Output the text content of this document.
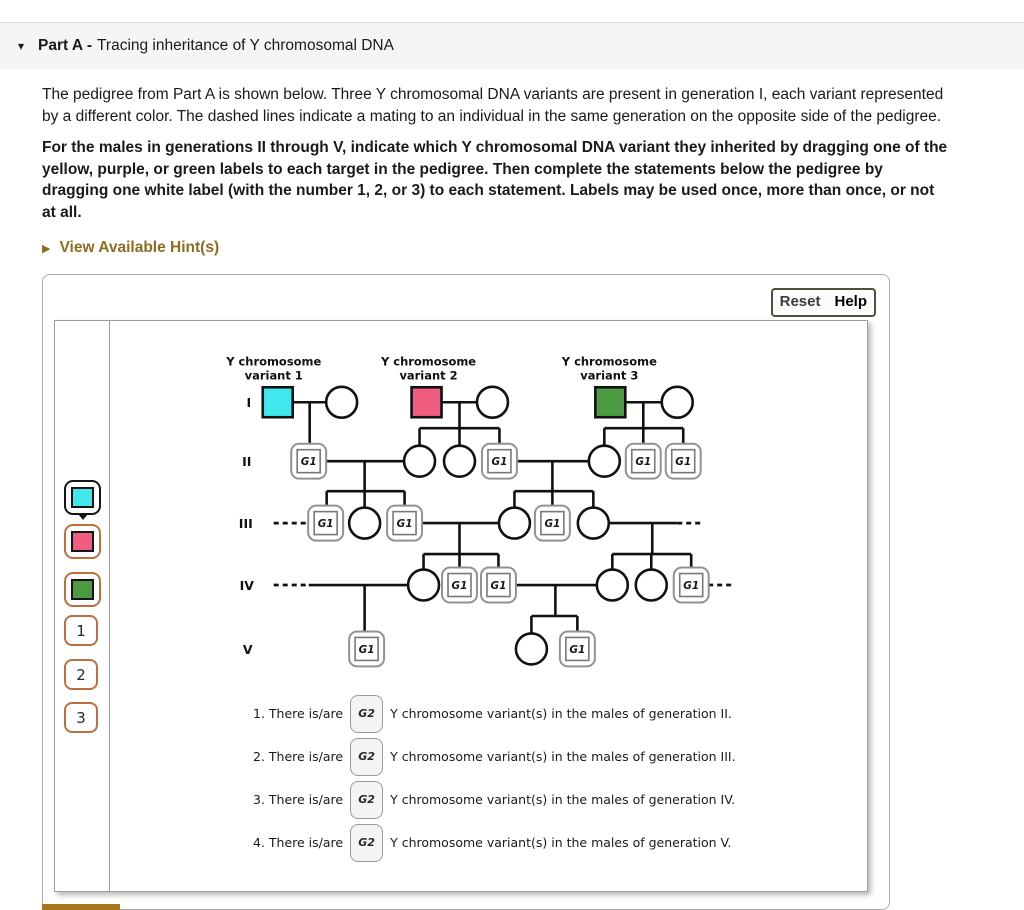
▾ Part A - Tracing inheritance of Y chromosomal DNA
The pedigree from Part A is shown below. Three Y chromosomal DNA variants are present in generation I, each variant represented
by a different color. The dashed lines indicate a mating to an individual in the same generation on the opposite side of the pedigree.
For the males in generations II through V, indicate which Y chromosomal DNA variant they inherited by dragging one of the
yellow, purple, or green labels to each target in the pedigree. Then complete the statements below the pedigree by
dragging one white label (with the number 1, 2, or 3) to each statement. Labels may be used once, more than once, or not
at all.
▶ View Available Hint(s)
Reset Help
1
2
3
G1	G1	G1 G1
G1	G1	G1
G1 G1	G1
G1	G1
Y chromosome variant 1
Y chromosome variant 2
Y chromosome variant 3
I
II
III
IV
V
1. There is/are	G2	Y chromosome variant(s) in the males of generation II.
2. There is/are	G2	Y chromosome variant(s) in the males of generation III.
3. There is/are	G2	Y chromosome variant(s) in the males of generation IV.
4. There is/are	G2	Y chromosome variant(s) in the males of generation V.
